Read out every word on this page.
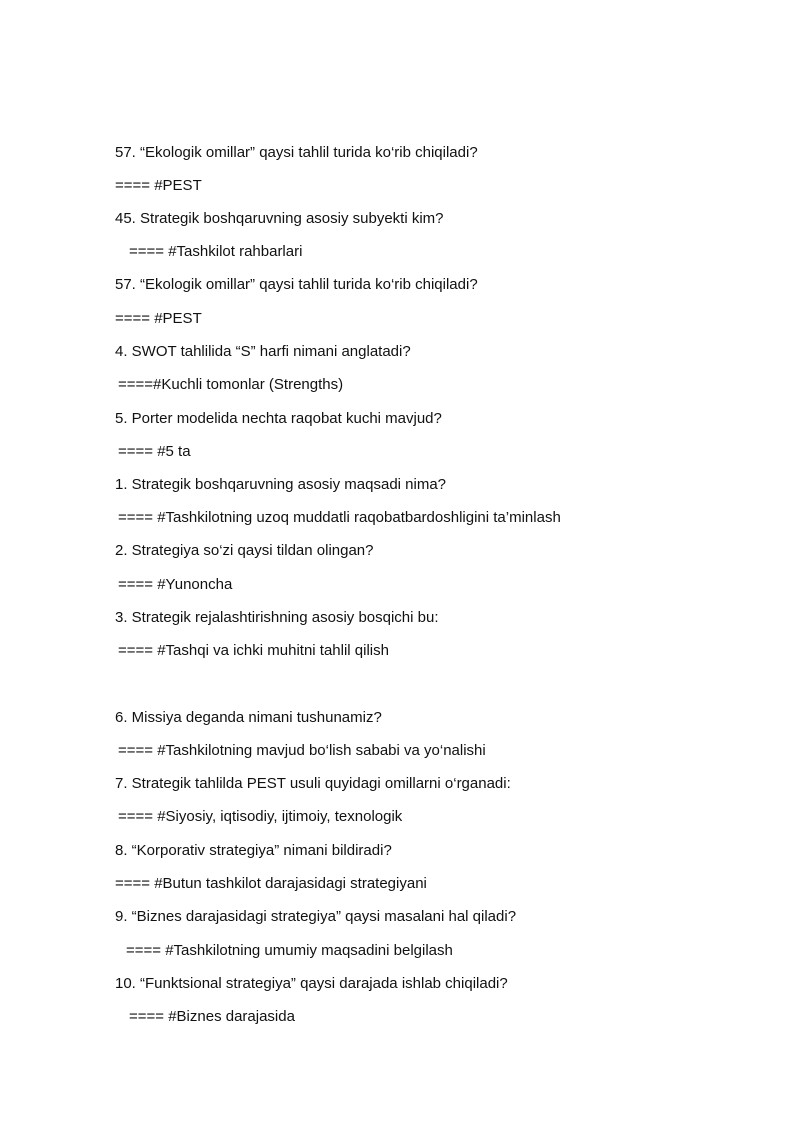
57. “Ekologik omillar” qaysi tahlil turida ko‘rib chiqiladi?
==== #PEST
45. Strategik boshqaruvning asosiy subyekti kim?
==== #Tashkilot rahbarlari
57. “Ekologik omillar” qaysi tahlil turida ko‘rib chiqiladi?
==== #PEST
4. SWOT tahlilida “S” harfi nimani anglatadi?
====#Kuchli tomonlar (Strengths)
5. Porter modelida nechta raqobat kuchi mavjud?
==== #5 ta
1. Strategik boshqaruvning asosiy maqsadi nima?
==== #Tashkilotning uzoq muddatli raqobatbardoshligini ta’minlash
2. Strategiya so‘zi qaysi tildan olingan?
==== #Yunoncha
3. Strategik rejalashtirishning asosiy bosqichi bu:
==== #Tashqi va ichki muhitni tahlil qilish
6. Missiya deganda nimani tushunamiz?
==== #Tashkilotning mavjud bo‘lish sababi va yo‘nalishi
7. Strategik tahlilda PEST usuli quyidagi omillarni o‘rganadi:
==== #Siyosiy, iqtisodiy, ijtimoiy, texnologik
8. “Korporativ strategiya” nimani bildiradi?
==== #Butun tashkilot darajasidagi strategiyani
9. “Biznes darajasidagi strategiya” qaysi masalani hal qiladi?
==== #Tashkilotning umumiy maqsadini belgilash
10. “Funktsional strategiya” qaysi darajada ishlab chiqiladi?
==== #Biznes darajasida
